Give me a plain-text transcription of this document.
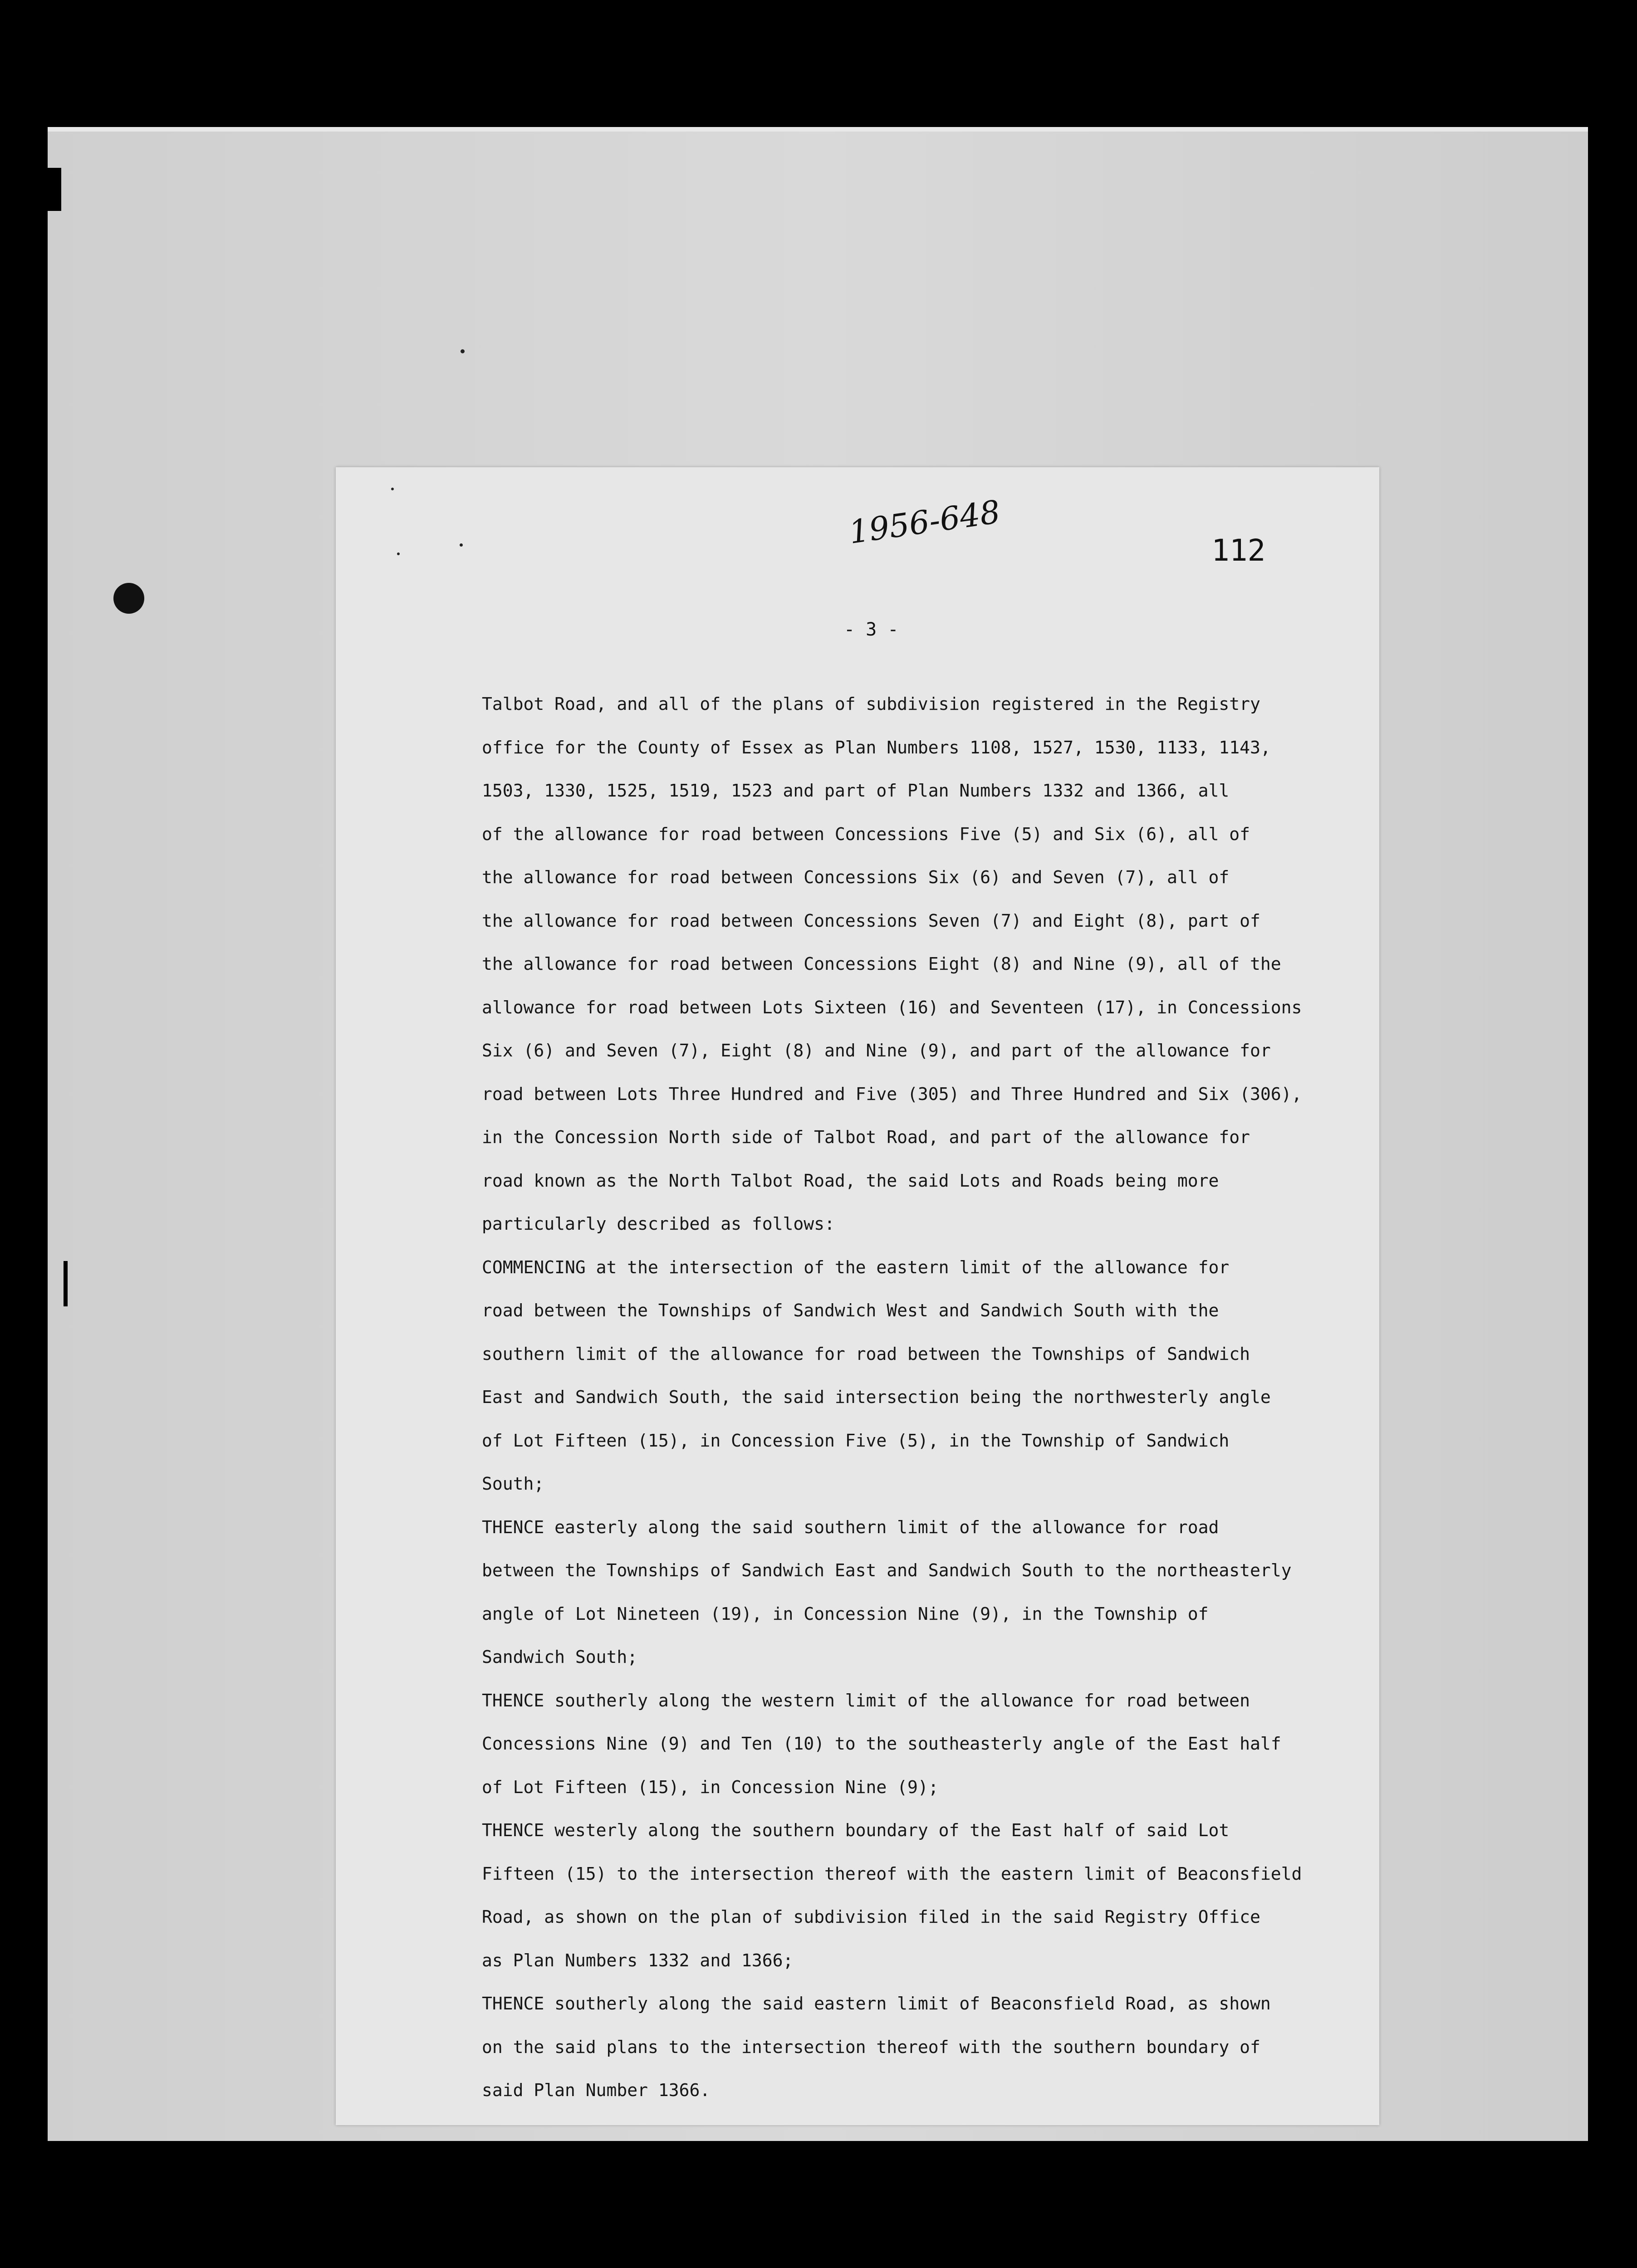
1956-648	112
- 3 -
Talbot Road, and all of the plans of subdivision registered in the Registry
office for the County of Essex as Plan Numbers 1108, 1527, 1530, 1133, 1143,
1503, 1330, 1525, 1519, 1523 and part of Plan Numbers 1332 and 1366, all
of the allowance for road between Concessions Five (5) and Six (6), all of
the allowance for road between Concessions Six (6) and Seven (7), all of
the allowance for road between Concessions Seven (7) and Eight (8), part of
the allowance for road between Concessions Eight (8) and Nine (9), all of the
allowance for road between Lots Sixteen (16) and Seventeen (17), in Concessions
Six (6) and Seven (7), Eight (8) and Nine (9), and part of the allowance for
road between Lots Three Hundred and Five (305) and Three Hundred and Six (306),
in the Concession North side of Talbot Road, and part of the allowance for
road known as the North Talbot Road, the said Lots and Roads being more
particularly described as follows:
COMMENCING at the intersection of the eastern limit of the allowance for
road between the Townships of Sandwich West and Sandwich South with the
southern limit of the allowance for road between the Townships of Sandwich
East and Sandwich South, the said intersection being the northwesterly angle
of Lot Fifteen (15), in Concession Five (5), in the Township of Sandwich
South;
THENCE easterly along the said southern limit of the allowance for road
between the Townships of Sandwich East and Sandwich South to the northeasterly
angle of Lot Nineteen (19), in Concession Nine (9), in the Township of
Sandwich South;
THENCE southerly along the western limit of the allowance for road between
Concessions Nine (9) and Ten (10) to the southeasterly angle of the East half
of Lot Fifteen (15), in Concession Nine (9);
THENCE westerly along the southern boundary of the East half of said Lot
Fifteen (15) to the intersection thereof with the eastern limit of Beaconsfield
Road, as shown on the plan of subdivision filed in the said Registry Office
as Plan Numbers 1332 and 1366;
THENCE southerly along the said eastern limit of Beaconsfield Road, as shown
on the said plans to the intersection thereof with the southern boundary of
said Plan Number 1366.
